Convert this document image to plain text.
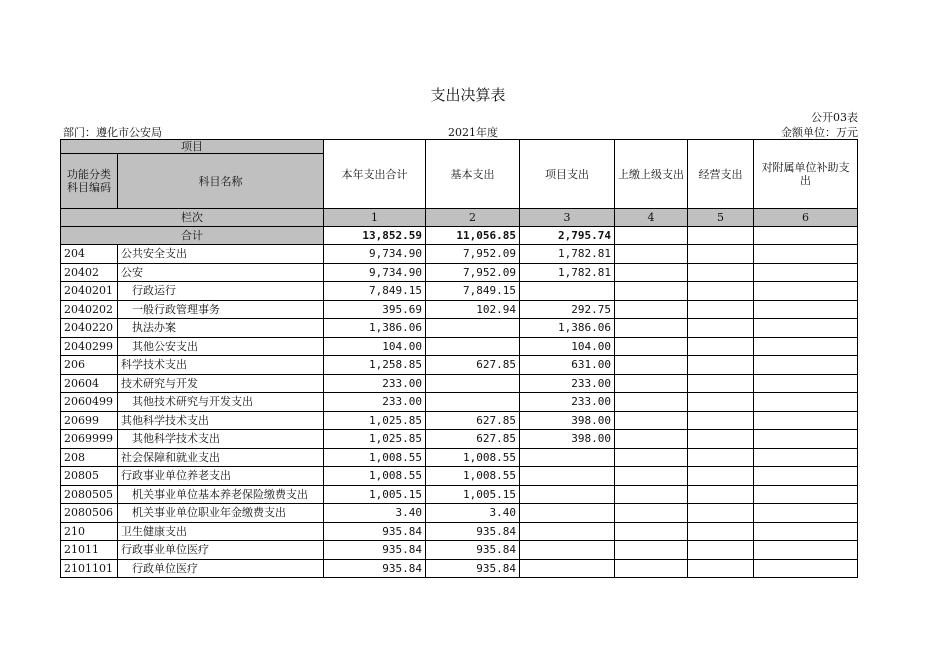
支出决算表
公开03表
部门：遵化市公安局	2021年度	金额单位：万元
项目		本年支出合计	基本支出	项目支出	上缴上级支出	经营支出	对附属单位补助支出
功能分类科目编码	科目名称						
栏次		1	2	3	4	5	6
合计		13,852.59	11,056.85	2,795.74			
204	公共安全支出	9,734.90	7,952.09	1,782.81			
20402	公安	9,734.90	7,952.09	1,782.81			
2040201	行政运行	7,849.15	7,849.15				
2040202	一般行政管理事务	395.69	102.94	292.75			
2040220	执法办案	1,386.06		1,386.06			
2040299	其他公安支出	104.00		104.00			
206	科学技术支出	1,258.85	627.85	631.00			
20604	技术研究与开发	233.00		233.00			
2060499	其他技术研究与开发支出	233.00		233.00			
20699	其他科学技术支出	1,025.85	627.85	398.00			
2069999	其他科学技术支出	1,025.85	627.85	398.00			
208	社会保障和就业支出	1,008.55	1,008.55				
20805	行政事业单位养老支出	1,008.55	1,008.55				
2080505	机关事业单位基本养老保险缴费支出	1,005.15	1,005.15				
2080506	机关事业单位职业年金缴费支出	3.40	3.40				
210	卫生健康支出	935.84	935.84				
21011	行政事业单位医疗	935.84	935.84				
2101101	行政单位医疗	935.84	935.84				
